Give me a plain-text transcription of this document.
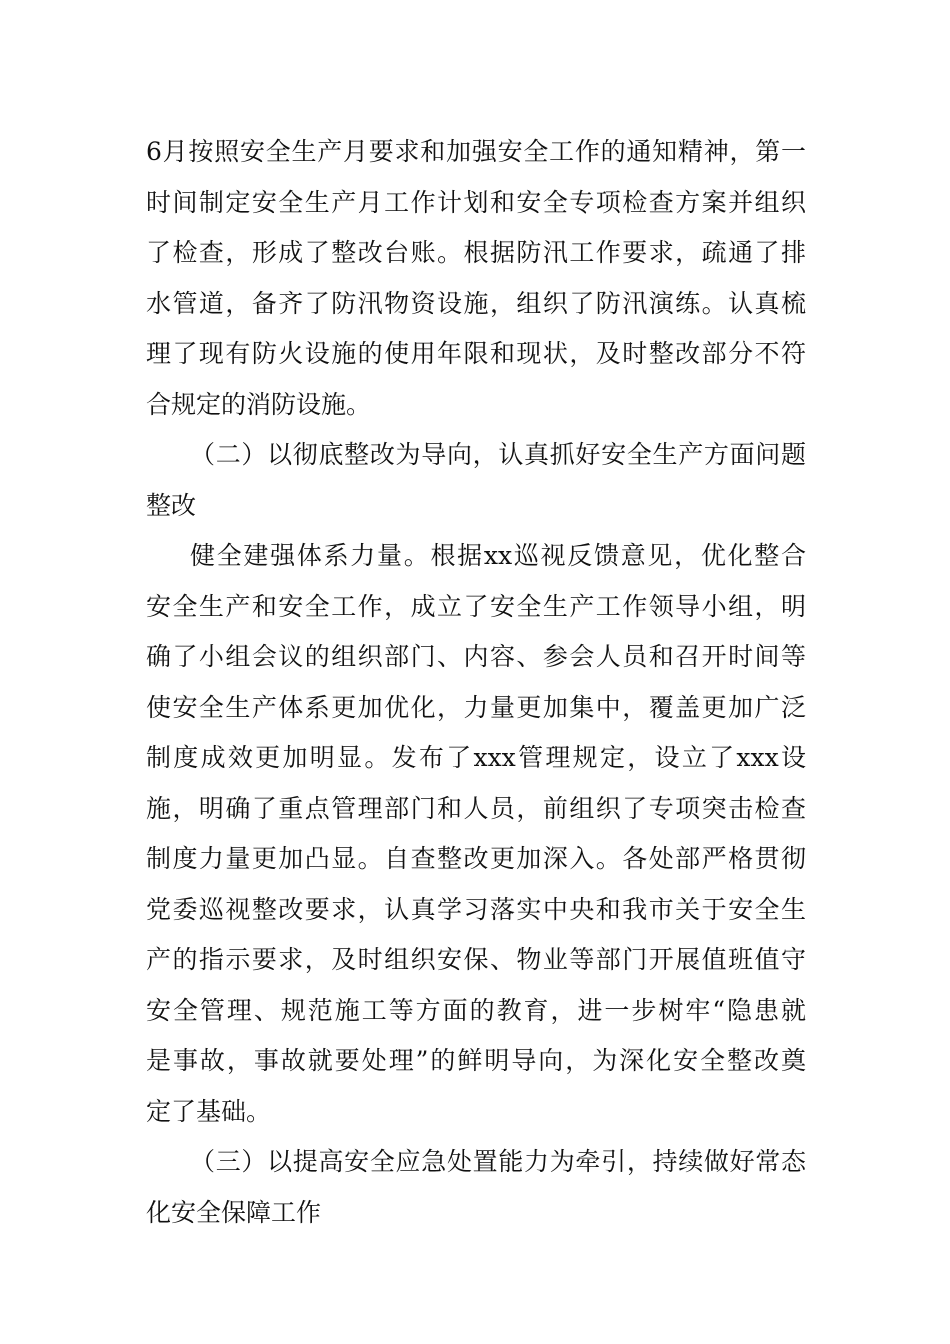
6月按照安全生产月要求和加强安全工作的通知精神，第一
时间制定安全生产月工作计划和安全专项检查方案并组织
了检查，形成了整改台账。根据防汛工作要求，疏通了排
水管道，备齐了防汛物资设施，组织了防汛演练。认真梳
理了现有防火设施的使用年限和现状，及时整改部分不符
合规定的消防设施。
（二）以彻底整改为导向，认真抓好安全生产方面问题
整改
健全建强体系力量。根据xx巡视反馈意见，优化整合
安全生产和安全工作，成立了安全生产工作领导小组，明
确了小组会议的组织部门、内容、参会人员和召开时间等
使安全生产体系更加优化，力量更加集中，覆盖更加广泛
制度成效更加明显。发布了xxx管理规定，设立了xxx设
施，明确了重点管理部门和人员，前组织了专项突击检查
制度力量更加凸显。自查整改更加深入。各处部严格贯彻
党委巡视整改要求，认真学习落实中央和我市关于安全生
产的指示要求，及时组织安保、物业等部门开展值班值守
安全管理、规范施工等方面的教育，进一步树牢“隐患就
是事故，事故就要处理”的鲜明导向，为深化安全整改奠
定了基础。
（三）以提高安全应急处置能力为牵引，持续做好常态
化安全保障工作
